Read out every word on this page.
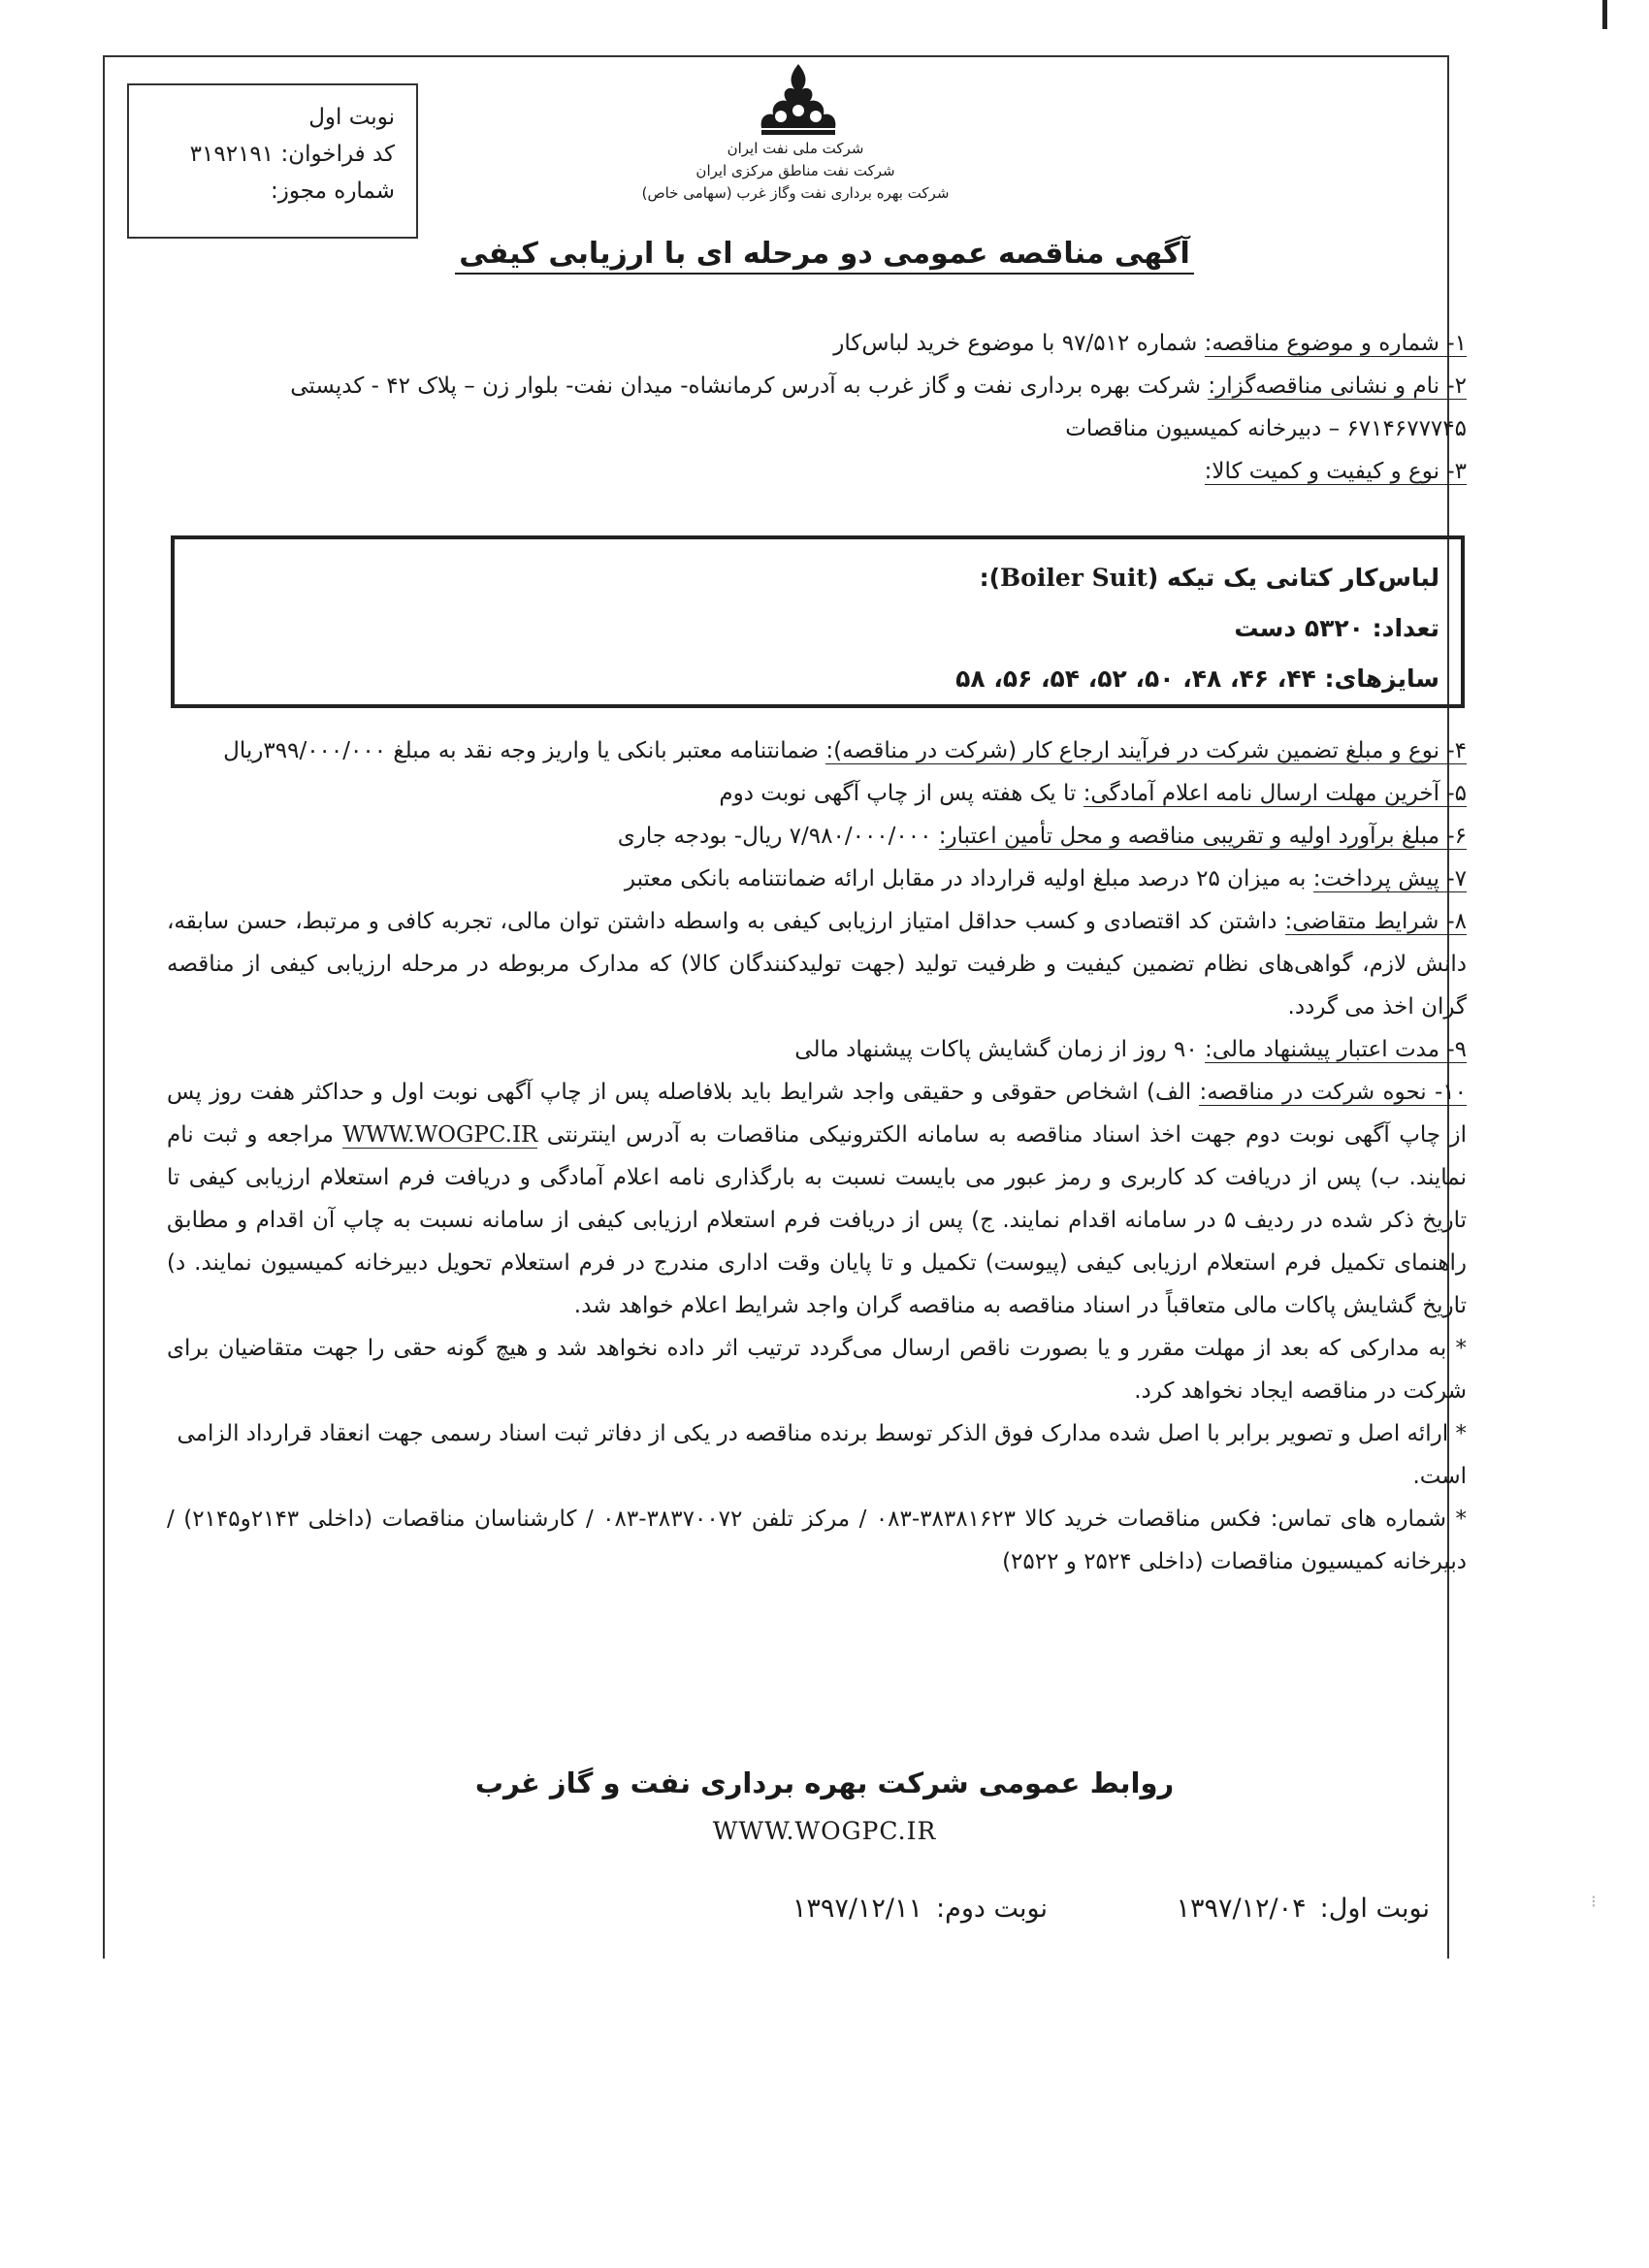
نوبت اول
کد فراخوان: ۳۱۹۲۱۹۱
شماره مجوز:
شرکت ملی نفت ایران
شرکت نفت مناطق مرکزی ایران
شرکت بهره برداری نفت وگاز غرب (سهامی خاص)
آگهی مناقصه عمومی دو مرحله ای با ارزیابی کیفی

۱- شماره و موضوع مناقصه: شماره ۹۷/۵۱۲ با موضوع خرید لباس‌کار

۲- نام و نشانی مناقصه‌گزار: شرکت بهره برداری نفت و گاز غرب به آدرس کرمانشاه- میدان نفت- بلوار زن – پلاک ۴۲ - کدپستی ۶۷۱۴۶۷۷۷۴۵ – دبیرخانه کمیسیون مناقصات

۳- نوع و کیفیت و کمیت کالا:

لباس‌کار کتانی یک تیکه (Boiler Suit):
تعداد: ۵۳۲۰ دست
سایزهای: ۴۴، ۴۶، ۴۸، ۵۰، ۵۲، ۵۴، ۵۶، ۵۸

۴- نوع و مبلغ تضمین شرکت در فرآیند ارجاع کار (شرکت در مناقصه): ضمانتنامه معتبر بانکی یا واریز وجه نقد به مبلغ ۳۹۹/۰۰۰/۰۰۰ریال

۵- آخرین مهلت ارسال نامه اعلام آمادگی: تا یک هفته پس از چاپ آگهی نوبت دوم

۶- مبلغ برآورد اولیه و تقریبی مناقصه و محل تأمین اعتبار: ۷/۹۸۰/۰۰۰/۰۰۰ ریال- بودجه جاری

۷- پیش پرداخت: به میزان ۲۵ درصد مبلغ اولیه قرارداد در مقابل ارائه ضمانتنامه بانکی معتبر

۸- شرایط متقاضی: داشتن کد اقتصادی و کسب حداقل امتیاز ارزیابی کیفی به واسطه داشتن توان مالی، تجربه کافی و مرتبط، حسن سابقه، دانش لازم، گواهی‌های نظام تضمین کیفیت و ظرفیت تولید (جهت تولیدکنندگان کالا) که مدارک مربوطه در مرحله ارزیابی کیفی از مناقصه گران اخذ می گردد.

۹- مدت اعتبار پیشنهاد مالی: ۹۰ روز از زمان گشایش پاکات پیشنهاد مالی

۱۰- نحوه شرکت در مناقصه: الف) اشخاص حقوقی و حقیقی واجد شرایط باید بلافاصله پس از چاپ آگهی نوبت اول و حداکثر هفت روز پس از چاپ آگهی نوبت دوم جهت اخذ اسناد مناقصه به سامانه الکترونیکی مناقصات به آدرس اینترنتی WWW.WOGPC.IR مراجعه و ثبت نام نمایند. ب) پس از دریافت کد کاربری و رمز عبور می بایست نسبت به بارگذاری نامه اعلام آمادگی و دریافت فرم استعلام ارزیابی کیفی تا تاریخ ذکر شده در ردیف ۵ در سامانه اقدام نمایند. ج) پس از دریافت فرم استعلام ارزیابی کیفی از سامانه نسبت به چاپ آن اقدام و مطابق راهنمای تکمیل فرم استعلام ارزیابی کیفی (پیوست) تکمیل و تا پایان وقت اداری مندرج در فرم استعلام تحویل دبیرخانه کمیسیون نمایند. د) تاریخ گشایش پاکات مالی متعاقباً در اسناد مناقصه به مناقصه گران واجد شرایط اعلام خواهد شد.

* به مدارکی که بعد از مهلت مقرر و یا بصورت ناقص ارسال می‌گردد ترتیب اثر داده نخواهد شد و هیچ گونه حقی را جهت متقاضیان برای شرکت در مناقصه ایجاد نخواهد کرد.

* ارائه اصل و تصویر برابر با اصل شده مدارک فوق الذکر توسط برنده مناقصه در یکی از دفاتر ثبت اسناد رسمی جهت انعقاد قرارداد الزامی است.

* شماره های تماس: فکس مناقصات خرید کالا ۳۸۳۸۱۶۲۳-۰۸۳ / مرکز تلفن ۳۸۳۷۰۰۷۲-۰۸۳ / کارشناسان مناقصات (داخلی ۲۱۴۳و۲۱۴۵) / دبیرخانه کمیسیون مناقصات (داخلی ۲۵۲۴ و ۲۵۲۲)

روابط عمومی شرکت بهره برداری نفت و گاز غرب
WWW.WOGPC.IR
نوبت اول:۱۳۹۷/۱۲/۰۴
نوبت دوم:۱۳۹۷/۱۲/۱۱	⁝
